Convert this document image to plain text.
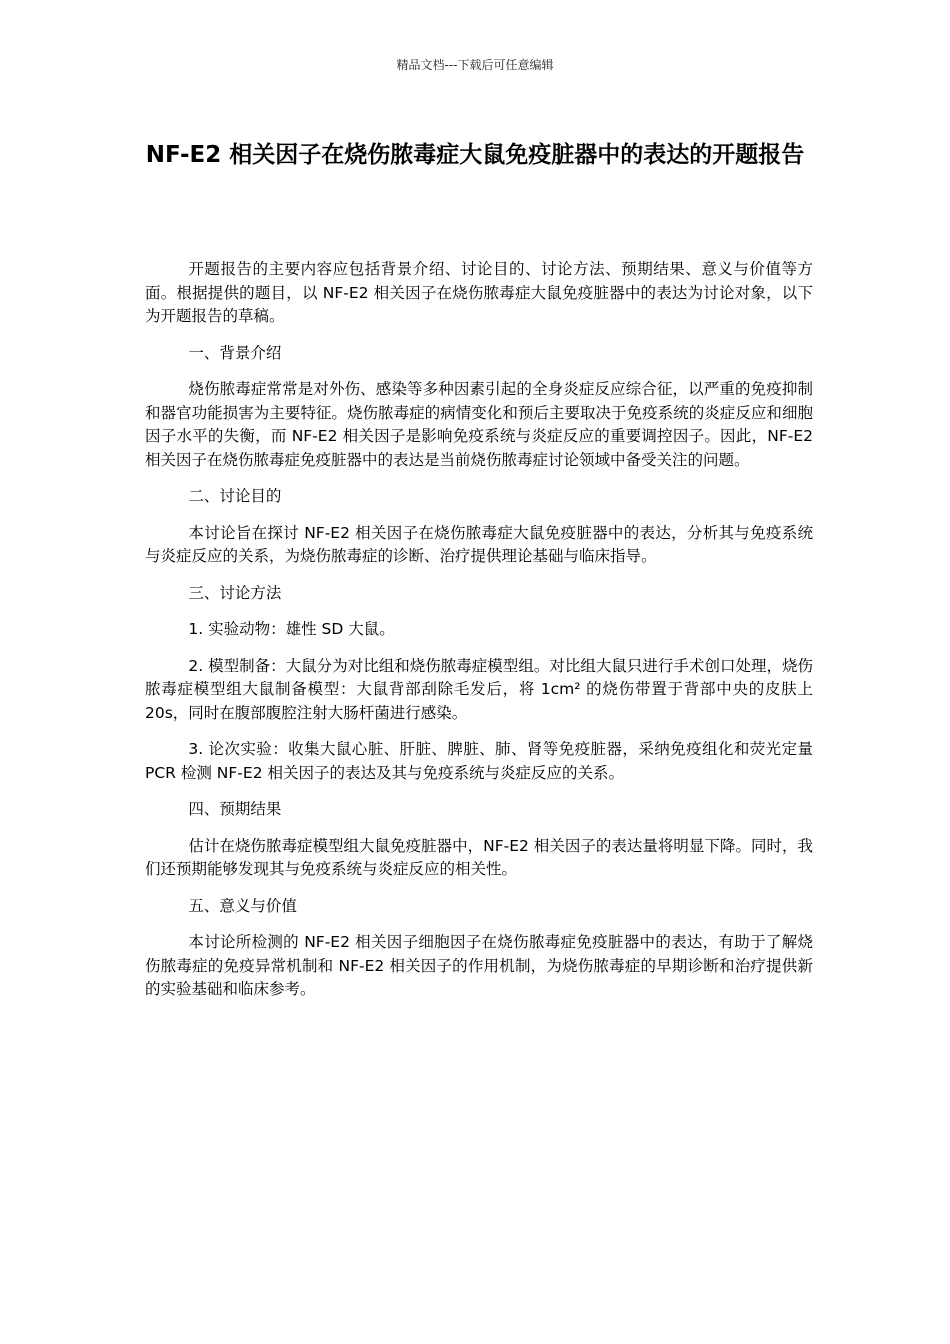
精品文档---下载后可任意编辑
NF-E2 相关因子在烧伤脓毒症大鼠免疫脏器中的表达的开题报告

开题报告的主要内容应包括背景介绍、讨论目的、讨论方法、预期结果、意义与价值等方面。根据提供的题目，以 NF-E2 相关因子在烧伤脓毒症大鼠免疫脏器中的表达为讨论对象，以下为开题报告的草稿。

一、背景介绍

烧伤脓毒症常常是对外伤、感染等多种因素引起的全身炎症反应综合征，以严重的免疫抑制和器官功能损害为主要特征。烧伤脓毒症的病情变化和预后主要取决于免疫系统的炎症反应和细胞因子水平的失衡，而 NF-E2 相关因子是影响免疫系统与炎症反应的重要调控因子。因此，NF-E2 相关因子在烧伤脓毒症免疫脏器中的表达是当前烧伤脓毒症讨论领域中备受关注的问题。

二、讨论目的

本讨论旨在探讨 NF-E2 相关因子在烧伤脓毒症大鼠免疫脏器中的表达，分析其与免疫系统与炎症反应的关系，为烧伤脓毒症的诊断、治疗提供理论基础与临床指导。

三、讨论方法

1. 实验动物：雄性 SD 大鼠。

2. 模型制备：大鼠分为对比组和烧伤脓毒症模型组。对比组大鼠只进行手术创口处理，烧伤脓毒症模型组大鼠制备模型：大鼠背部刮除毛发后，将 1cm² 的烧伤带置于背部中央的皮肤上 20s，同时在腹部腹腔注射大肠杆菌进行感染。

3. 论次实验：收集大鼠心脏、肝脏、脾脏、肺、肾等免疫脏器，采纳免疫组化和荧光定量 PCR 检测 NF-E2 相关因子的表达及其与免疫系统与炎症反应的关系。

四、预期结果

估计在烧伤脓毒症模型组大鼠免疫脏器中，NF-E2 相关因子的表达量将明显下降。同时，我们还预期能够发现其与免疫系统与炎症反应的相关性。

五、意义与价值

本讨论所检测的 NF-E2 相关因子细胞因子在烧伤脓毒症免疫脏器中的表达，有助于了解烧伤脓毒症的免疫异常机制和 NF-E2 相关因子的作用机制，为烧伤脓毒症的早期诊断和治疗提供新的实验基础和临床参考。
